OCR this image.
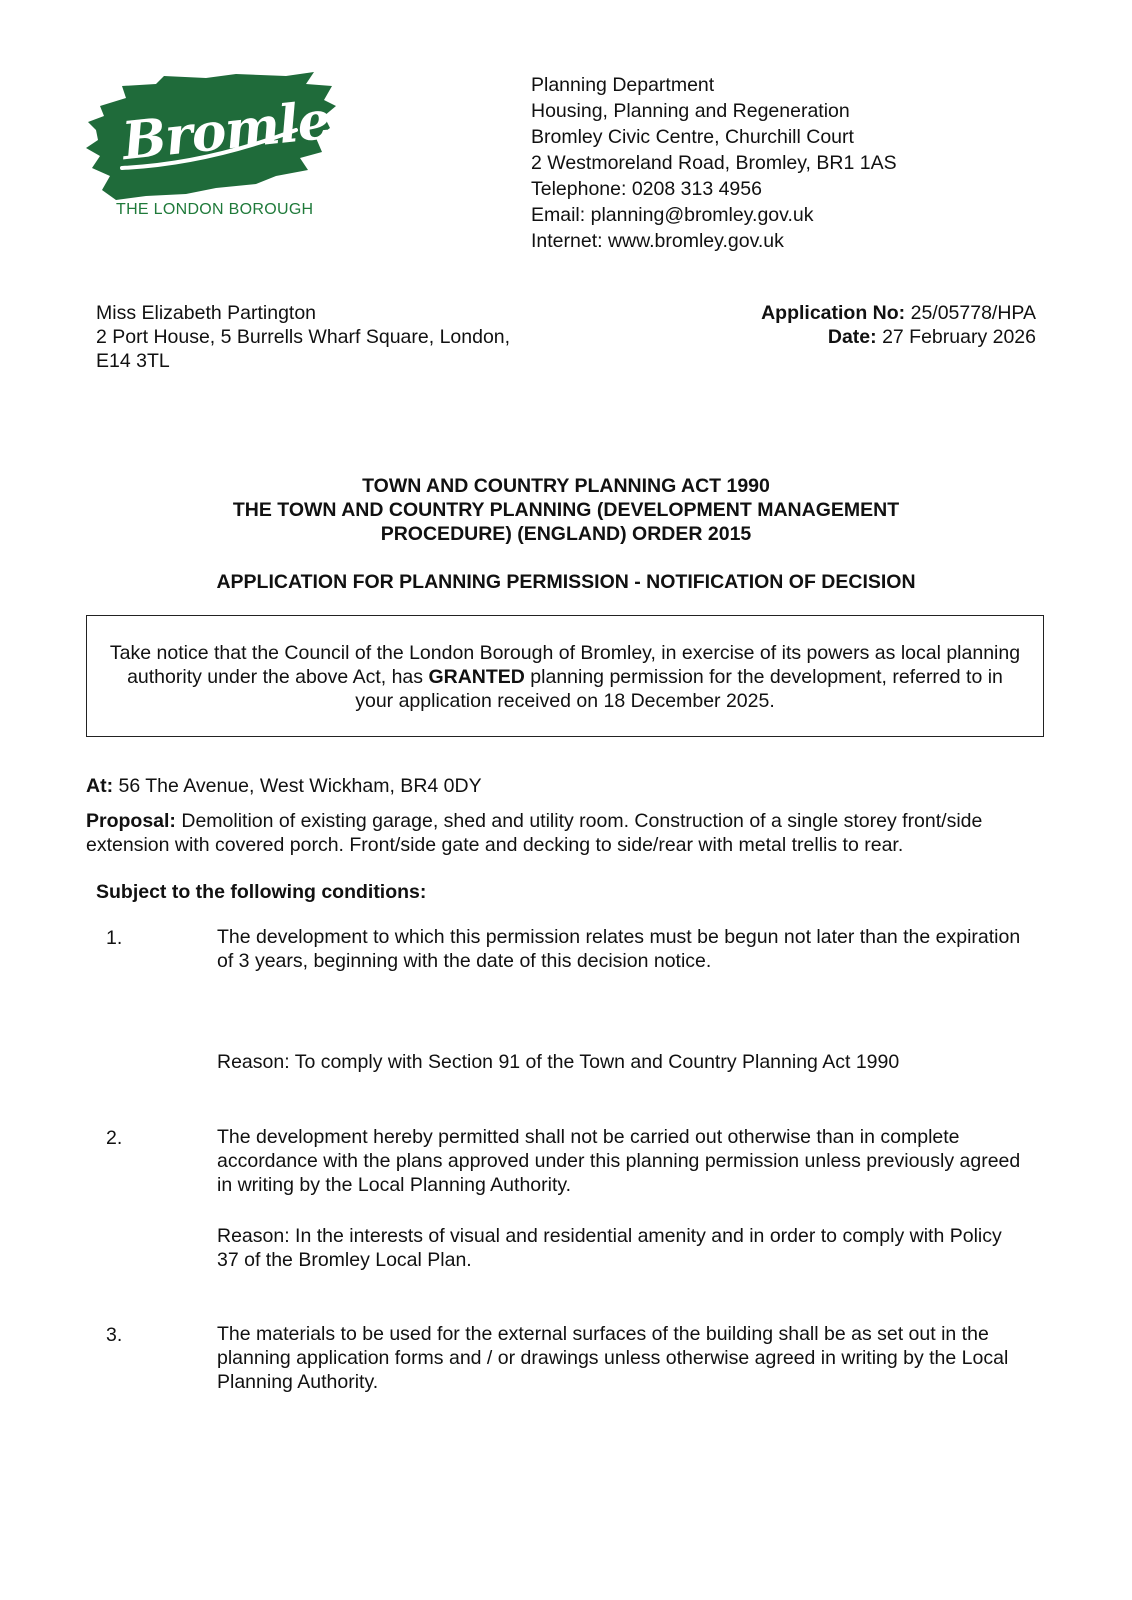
Bromley
THE LONDON BOROUGH
Planning Department
Housing, Planning and Regeneration
Bromley Civic Centre, Churchill Court
2 Westmoreland Road, Bromley, BR1 1AS
Telephone: 0208 313 4956
Email: planning@bromley.gov.uk
Internet: www.bromley.gov.uk
Miss Elizabeth Partington
2 Port House, 5 Burrells Wharf Square, London,
E14 3TL
Application No: 25/05778/HPA
Date: 27 February 2026
TOWN AND COUNTRY PLANNING ACT 1990
THE TOWN AND COUNTRY PLANNING (DEVELOPMENT MANAGEMENT
PROCEDURE) (ENGLAND) ORDER 2015
APPLICATION FOR PLANNING PERMISSION - NOTIFICATION OF DECISION
Take notice that the Council of the London Borough of Bromley, in exercise of its powers as local planning authority under the above Act, has GRANTED planning permission for the development, referred to in your application received on 18 December 2025.
At: 56 The Avenue, West Wickham, BR4 0DY
Proposal: Demolition of existing garage, shed and utility room. Construction of a single storey front/side extension with covered porch. Front/side gate and decking to side/rear with metal trellis to rear.
Subject to the following conditions:
1.	The development to which this permission relates must be begun not later than the expiration of 3 years, beginning with the date of this decision notice.
Reason: To comply with Section 91 of the Town and Country Planning Act 1990
2.	The development hereby permitted shall not be carried out otherwise than in complete accordance with the plans approved under this planning permission unless previously agreed in writing by the Local Planning Authority.
Reason: In the interests of visual and residential amenity and in order to comply with Policy 37 of the Bromley Local Plan.
3.	The materials to be used for the external surfaces of the building shall be as set out in the planning application forms and / or drawings unless otherwise agreed in writing by the Local Planning Authority.
